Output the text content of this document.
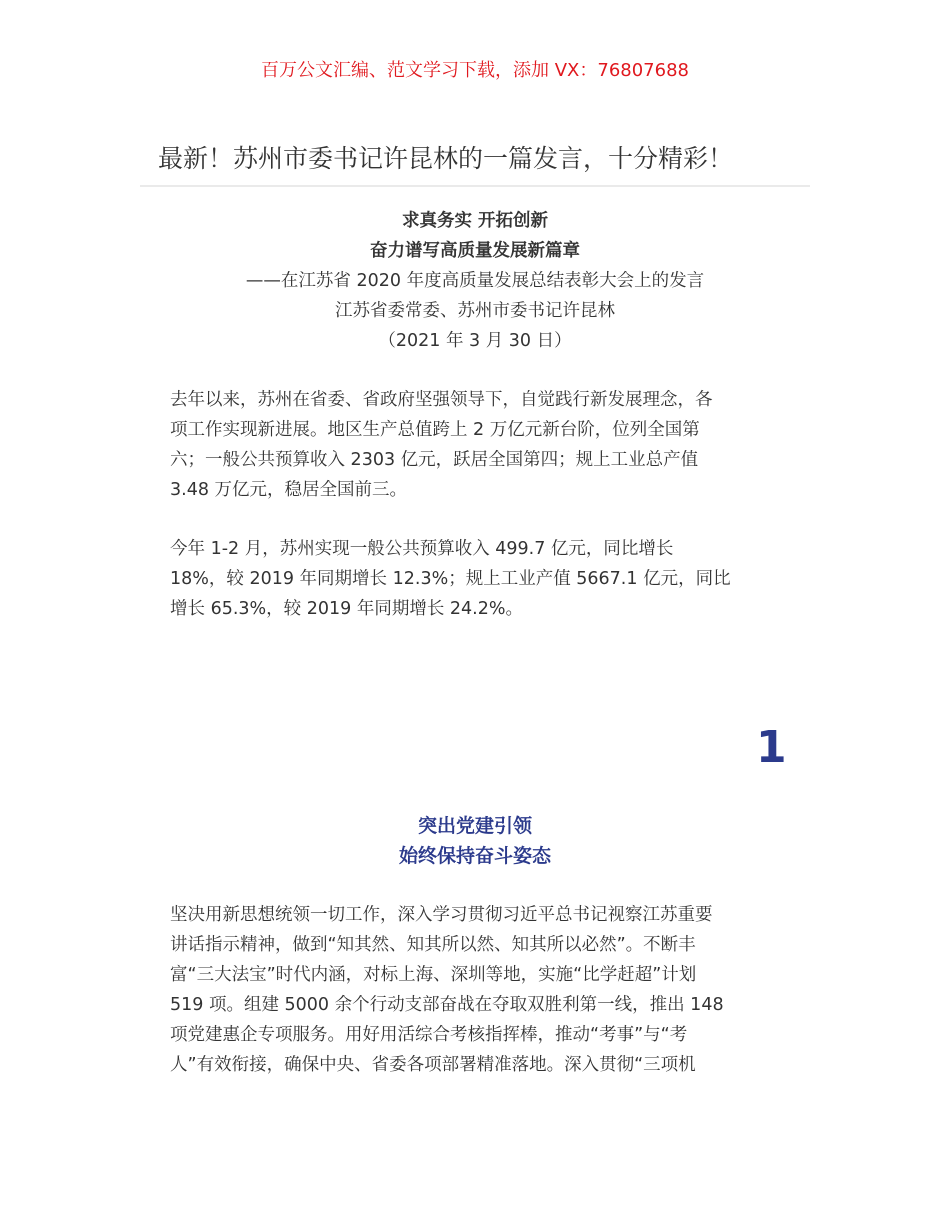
百万公文汇编、范文学习下载，添加 VX：76807688
最新！苏州市委书记许昆林的一篇发言，十分精彩！
求真务实 开拓创新
奋力谱写高质量发展新篇章
——在江苏省 2020 年度高质量发展总结表彰大会上的发言
江苏省委常委、苏州市委书记许昆林
（2021 年 3 月 30 日）
去年以来，苏州在省委、省政府坚强领导下，自觉践行新发展理念，各
项工作实现新进展。地区生产总值跨上 2 万亿元新台阶，位列全国第
六；一般公共预算收入 2303 亿元，跃居全国第四；规上工业总产值
3.48 万亿元，稳居全国前三。
今年 1-2 月，苏州实现一般公共预算收入 499.7 亿元，同比增长
18%，较 2019 年同期增长 12.3%；规上工业产值 5667.1 亿元，同比
增长 65.3%，较 2019 年同期增长 24.2%。
1
突出党建引领
始终保持奋斗姿态
坚决用新思想统领一切工作，深入学习贯彻习近平总书记视察江苏重要
讲话指示精神，做到“知其然、知其所以然、知其所以必然”。不断丰
富“三大法宝”时代内涵，对标上海、深圳等地，实施“比学赶超”计划
519 项。组建 5000 余个行动支部奋战在夺取双胜利第一线，推出 148
项党建惠企专项服务。用好用活综合考核指挥棒，推动“考事”与“考
人”有效衔接，确保中央、省委各项部署精准落地。深入贯彻“三项机
